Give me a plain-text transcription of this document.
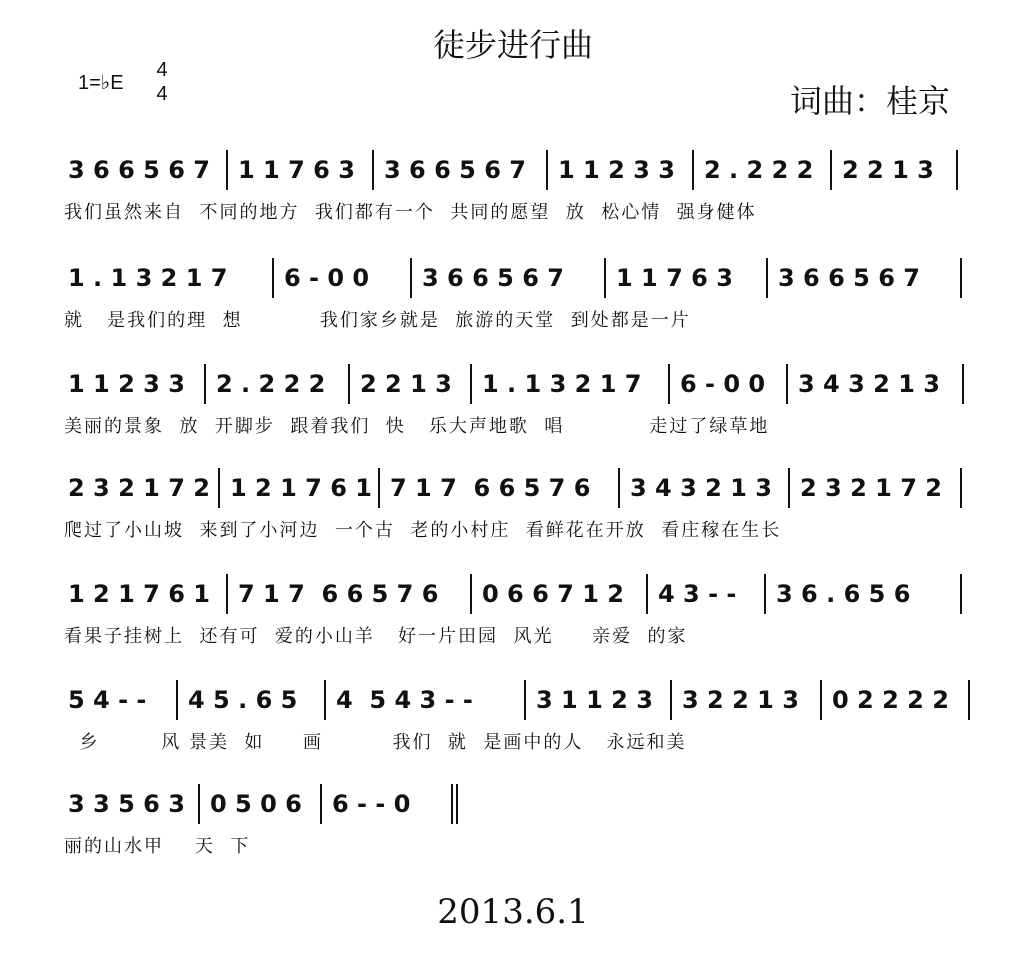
徒步进行曲
1=♭E
4
4	词曲：桂京
3 6 6 5 6 7 1 1 7 6 3 3 6 6 5 6 7 1 1 2 3 3 2 . 2 2 2 2 2 1 3
我们虽然来自  不同的地方  我们都有一个  共同的愿望  放  松心情  强身健体
1 . 1 3 2 1 7 6 - 0 0 3 6 6 5 6 7 1 1 7 6 3 3 6 6 5 6 7
就   是我们的理  想          我们家乡就是  旅游的天堂  到处都是一片
1 1 2 3 3 2 . 2 2 2 2 2 1 3 1 . 1 3 2 1 7 6 - 0 0 3 4 3 2 1 3
美丽的景象  放  开脚步  跟着我们  快   乐大声地歌  唱           走过了绿草地
2 3 2 1 7 2 1 2 1 7 6 1 7 1 7  6 6 5 7 6 3 4 3 2 1 3 2 3 2 1 7 2
爬过了小山坡  来到了小河边  一个古  老的小村庄  看鲜花在开放  看庄稼在生长
1 2 1 7 6 1 7 1 7  6 6 5 7 6 0 6 6 7 1 2 4 3 - - 3 6 . 6 5 6
看果子挂树上  还有可  爱的小山羊   好一片田园  风光     亲爱  的家
5 4 - - 4 5 . 6 5 4  5 4 3 - -	3 1 1 2 3 3 2 2 1 3 0 2 2 2 2
乡        风 景美  如     画         我们  就  是画中的人   永远和美
3 3 5 6 3 0 5 0 6 6 - - 0
丽的山水甲    天  下
2013.6.1
